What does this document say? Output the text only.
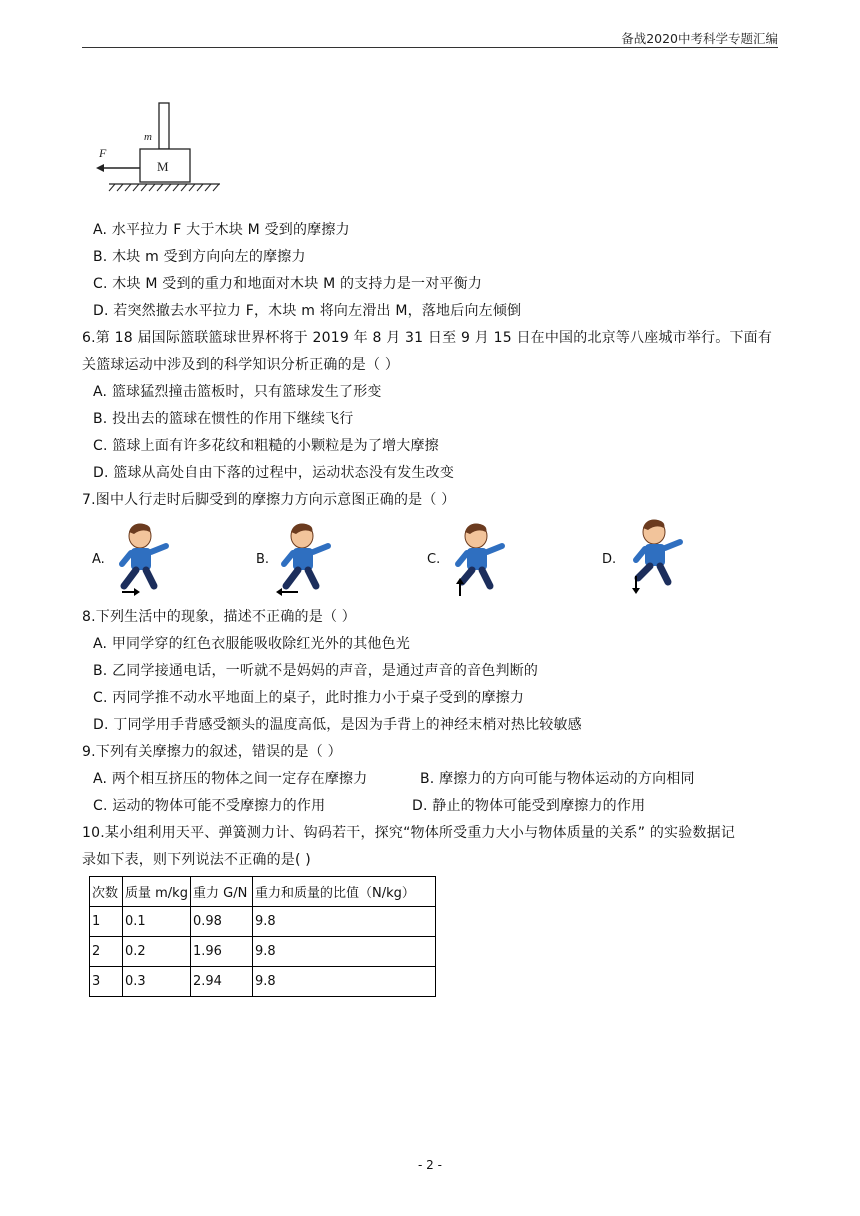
备战2020中考科学专题汇编
m
M
F
A. 水平拉力 F 大于木块 M 受到的摩擦力
B. 木块 m 受到方向向左的摩擦力
C. 木块 M 受到的重力和地面对木块 M 的支持力是一对平衡力
D. 若突然撤去水平拉力 F，木块 m 将向左滑出 M，落地后向左倾倒
6.第 18 届国际篮联篮球世界杯将于 2019 年 8 月 31 日至 9 月 15 日在中国的北京等八座城市举行。下面有
关篮球运动中涉及到的科学知识分析正确的是（ ）
A. 篮球猛烈撞击篮板时，只有篮球发生了形变
B. 投出去的篮球在惯性的作用下继续飞行
C. 篮球上面有许多花纹和粗糙的小颗粒是为了增大摩擦
D. 篮球从高处自由下落的过程中，运动状态没有发生改变
7.图中人行走时后脚受到的摩擦力方向示意图正确的是（ ）
A.	B.	C.	D.
8.下列生活中的现象，描述不正确的是（ ）
A. 甲同学穿的红色衣服能吸收除红光外的其他色光
B. 乙同学接通电话，一听就不是妈妈的声音，是通过声音的音色判断的
C. 丙同学推不动水平地面上的桌子，此时推力小于桌子受到的摩擦力
D. 丁同学用手背感受额头的温度高低，是因为手背上的神经末梢对热比较敏感
9.下列有关摩擦力的叙述，错误的是（ ）
A. 两个相互挤压的物体之间一定存在摩擦力	B. 摩擦力的方向可能与物体运动的方向相同
C. 运动的物体可能不受摩擦力的作用	D. 静止的物体可能受到摩擦力的作用
10.某小组利用天平、弹簧测力计、钩码若干，探究“物体所受重力大小与物体质量的关系” 的实验数据记
录如下表，则下列说法不正确的是( )
次数	质量 m/kg	重力 G/N	重力和质量的比值（N/kg）
1	0.1	0.98	9.8
2	0.2	1.96	9.8
3	0.3	2.94	9.8
- 2 -
